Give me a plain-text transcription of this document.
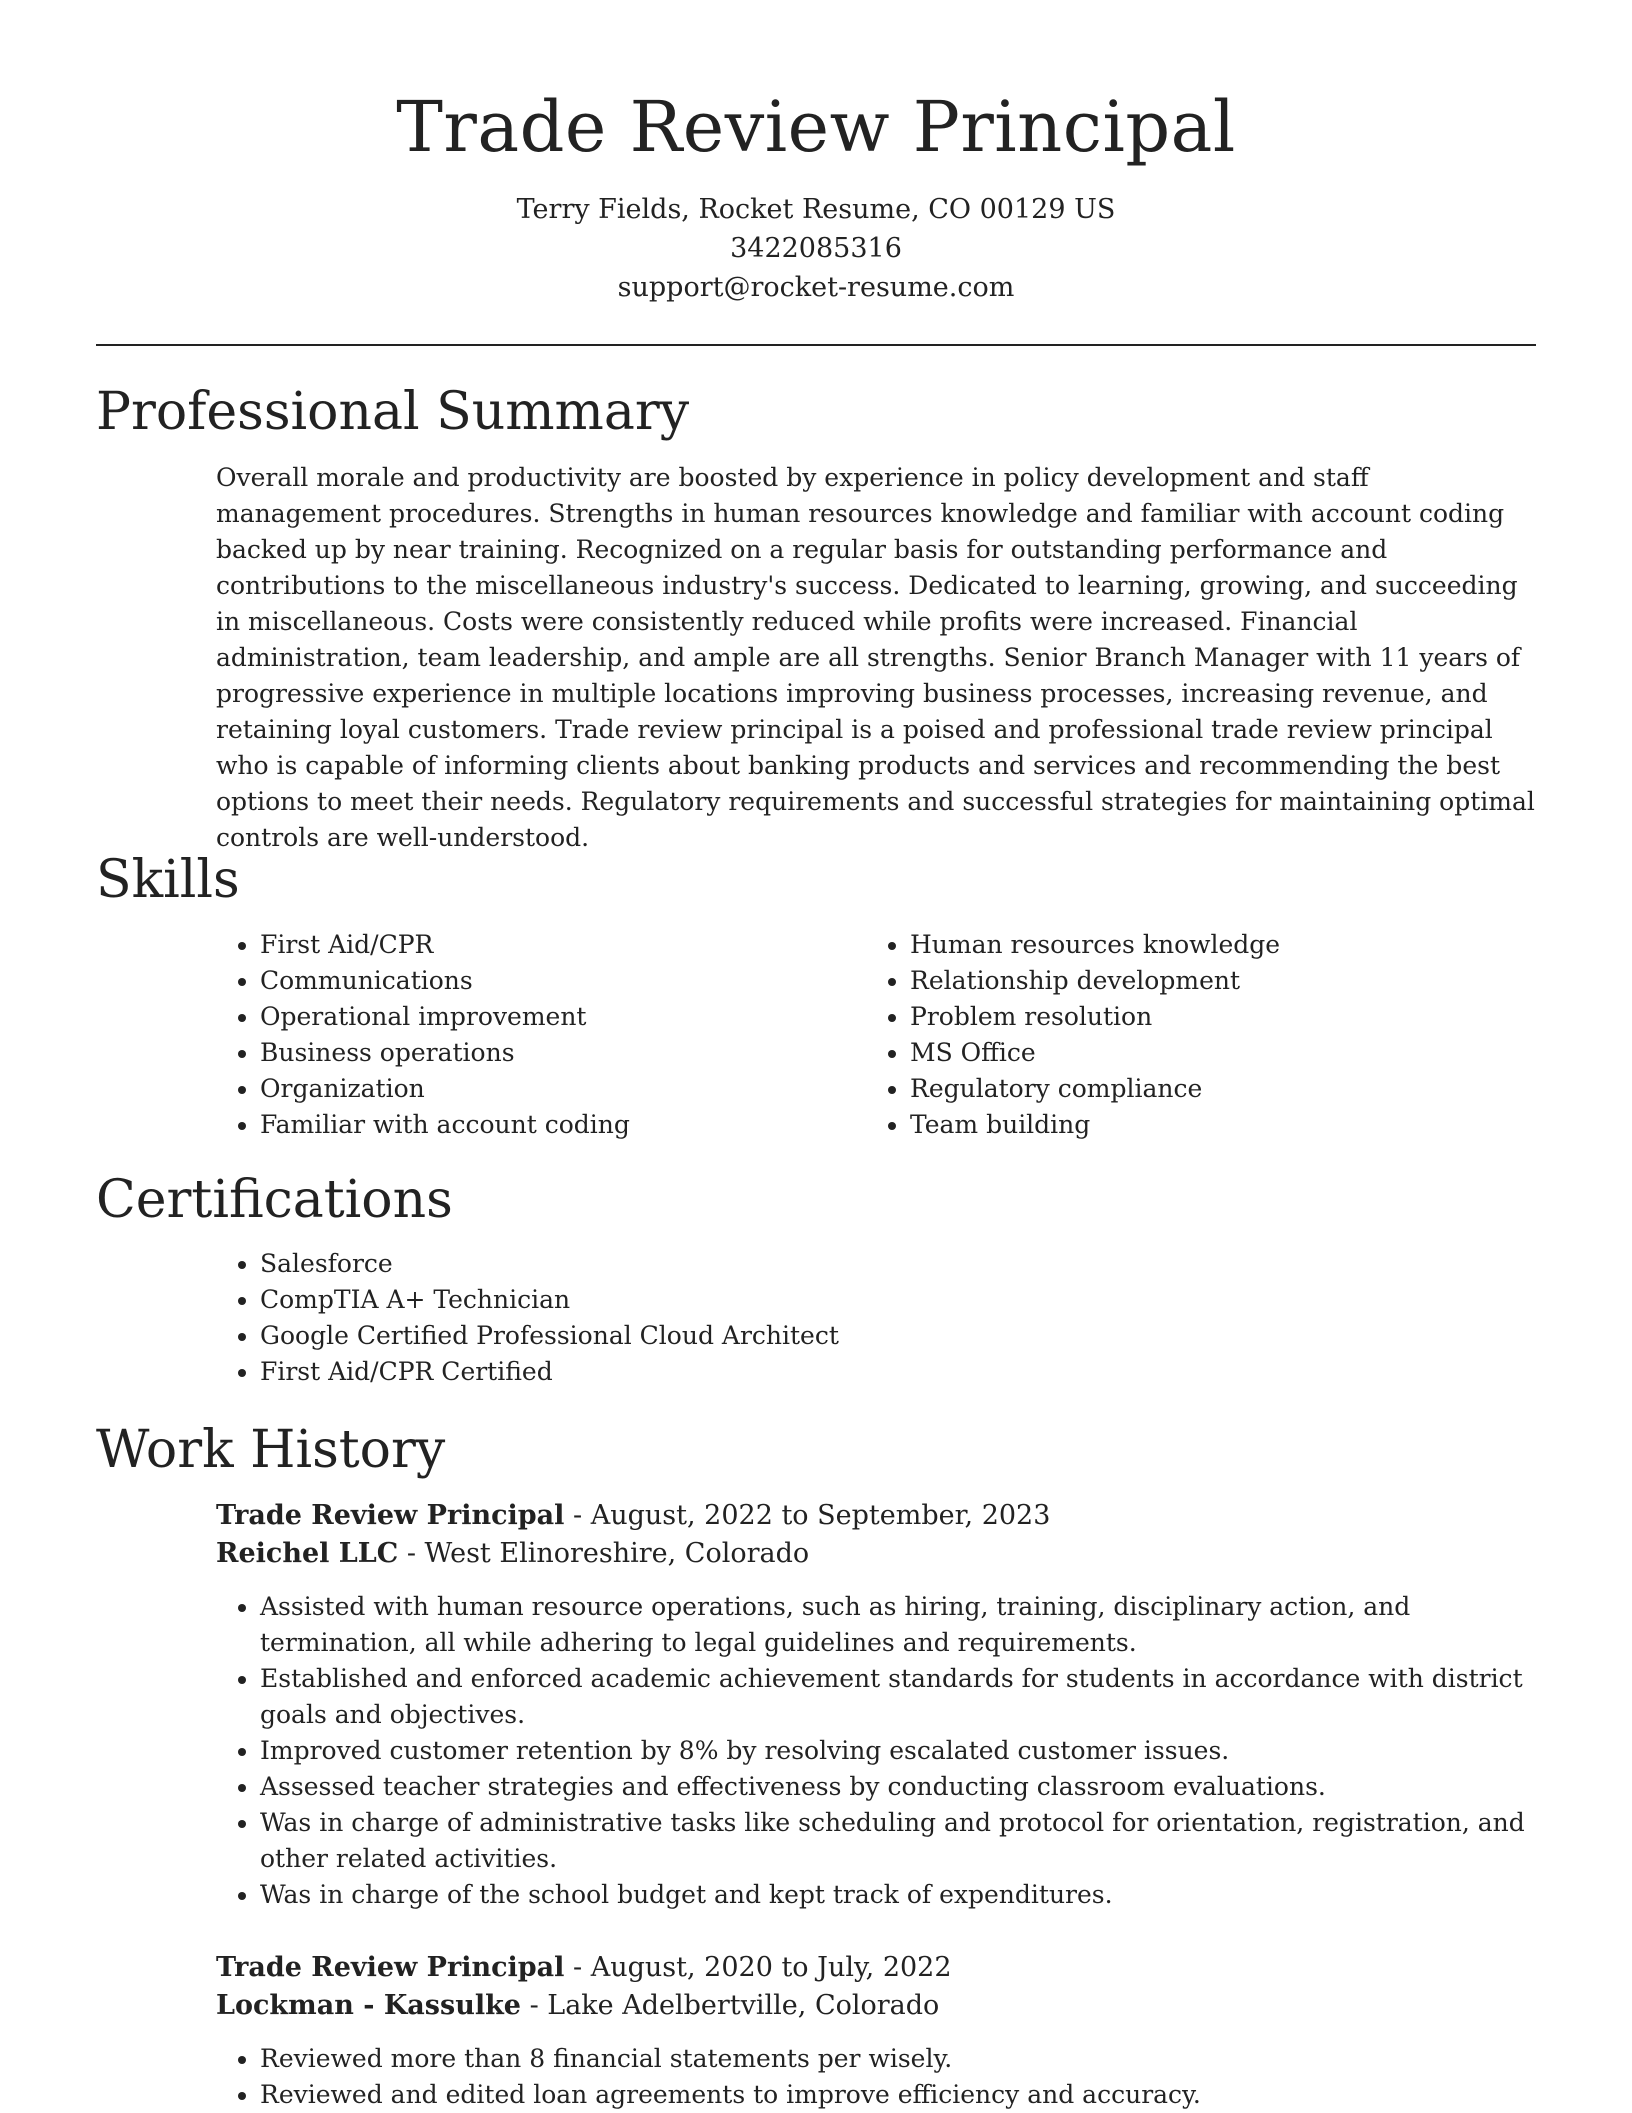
Trade Review Principal
Terry Fields, Rocket Resume, CO 00129 US
3422085316
support@rocket-resume.com
Professional Summary
Overall morale and productivity are boosted by experience in policy development and staff management procedures. Strengths in human resources knowledge and familiar with account coding backed up by near training. Recognized on a regular basis for outstanding performance and contributions to the miscellaneous industry's success. Dedicated to learning, growing, and succeeding in miscellaneous. Costs were consistently reduced while profits were increased. Financial administration, team leadership, and ample are all strengths. Senior Branch Manager with 11 years of progressive experience in multiple locations improving business processes, increasing revenue, and retaining loyal customers. Trade review principal is a poised and professional trade review principal who is capable of informing clients about banking products and services and recommending the best options to meet their needs. Regulatory requirements and successful strategies for maintaining optimal controls are well-understood.
Skills
• First Aid/CPR
• Communications
• Operational improvement
• Business operations
• Organization
• Familiar with account coding
• Human resources knowledge
• Relationship development
• Problem resolution
• MS Office
• Regulatory compliance
• Team building
Certifications
• Salesforce
• CompTIA A+ Technician
• Google Certified Professional Cloud Architect
• First Aid/CPR Certified
Work History
Trade Review Principal - August, 2022 to September, 2023
Reichel LLC - West Elinoreshire, Colorado
• Assisted with human resource operations, such as hiring, training, disciplinary action, and termination, all while adhering to legal guidelines and requirements.
• Established and enforced academic achievement standards for students in accordance with district goals and objectives.
• Improved customer retention by 8% by resolving escalated customer issues.
• Assessed teacher strategies and effectiveness by conducting classroom evaluations.
• Was in charge of administrative tasks like scheduling and protocol for orientation, registration, and other related activities.
• Was in charge of the school budget and kept track of expenditures.
Trade Review Principal - August, 2020 to July, 2022
Lockman - Kassulke - Lake Adelbertville, Colorado
• Reviewed more than 8 financial statements per wisely.
• Reviewed and edited loan agreements to improve efficiency and accuracy.
